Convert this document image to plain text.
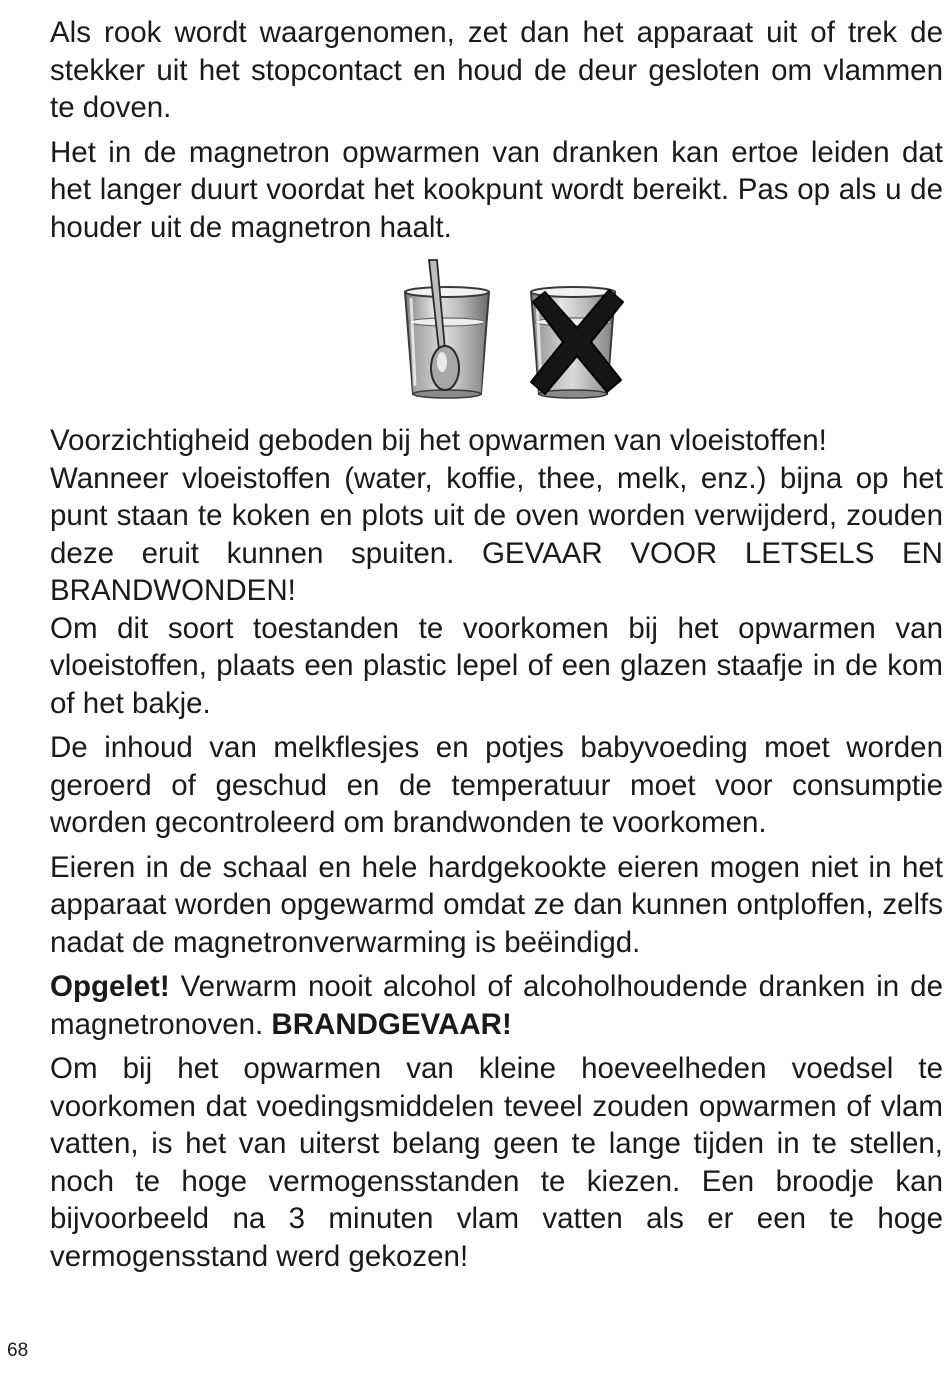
Als rook wordt waargenomen, zet dan het apparaat uit of trek de stekker uit het stopcontact en houd de deur gesloten om vlammen te doven.

Het in de magnetron opwarmen van dranken kan ertoe leiden dat het langer duurt voordat het kookpunt wordt bereikt. Pas op als u de houder uit de magnetron haalt.

Voorzichtigheid geboden bij het opwarmen van vloeistoffen!

Wanneer vloeistoffen (water, koffie, thee, melk, enz.) bijna op het punt staan te koken en plots uit de oven worden verwijderd, zouden deze eruit kunnen spuiten. GEVAAR VOOR LETSELS EN BRANDWONDEN!

Om dit soort toestanden te voorkomen bij het opwarmen van vloeistoffen, plaats een plastic lepel of een glazen staafje in de kom of het bakje.

De inhoud van melkflesjes en potjes babyvoeding moet worden geroerd of geschud en de temperatuur moet voor consumptie worden gecontroleerd om brandwonden te voorkomen.

Eieren in de schaal en hele hardgekookte eieren mogen niet in het apparaat worden opgewarmd omdat ze dan kunnen ontploffen, zelfs nadat de magnetronverwarming is beëindigd.

Opgelet! Verwarm nooit alcohol of alcoholhoudende dranken in de magnetronoven. BRANDGEVAAR!

Om bij het opwarmen van kleine hoeveelheden voedsel te voorkomen dat voedingsmiddelen teveel zouden opwarmen of vlam vatten, is het van uiterst belang geen te lange tijden in te stellen, noch te hoge vermogensstanden te kiezen. Een broodje kan bijvoorbeeld na 3 minuten vlam vatten als er een te hoge vermogensstand werd gekozen!

68
